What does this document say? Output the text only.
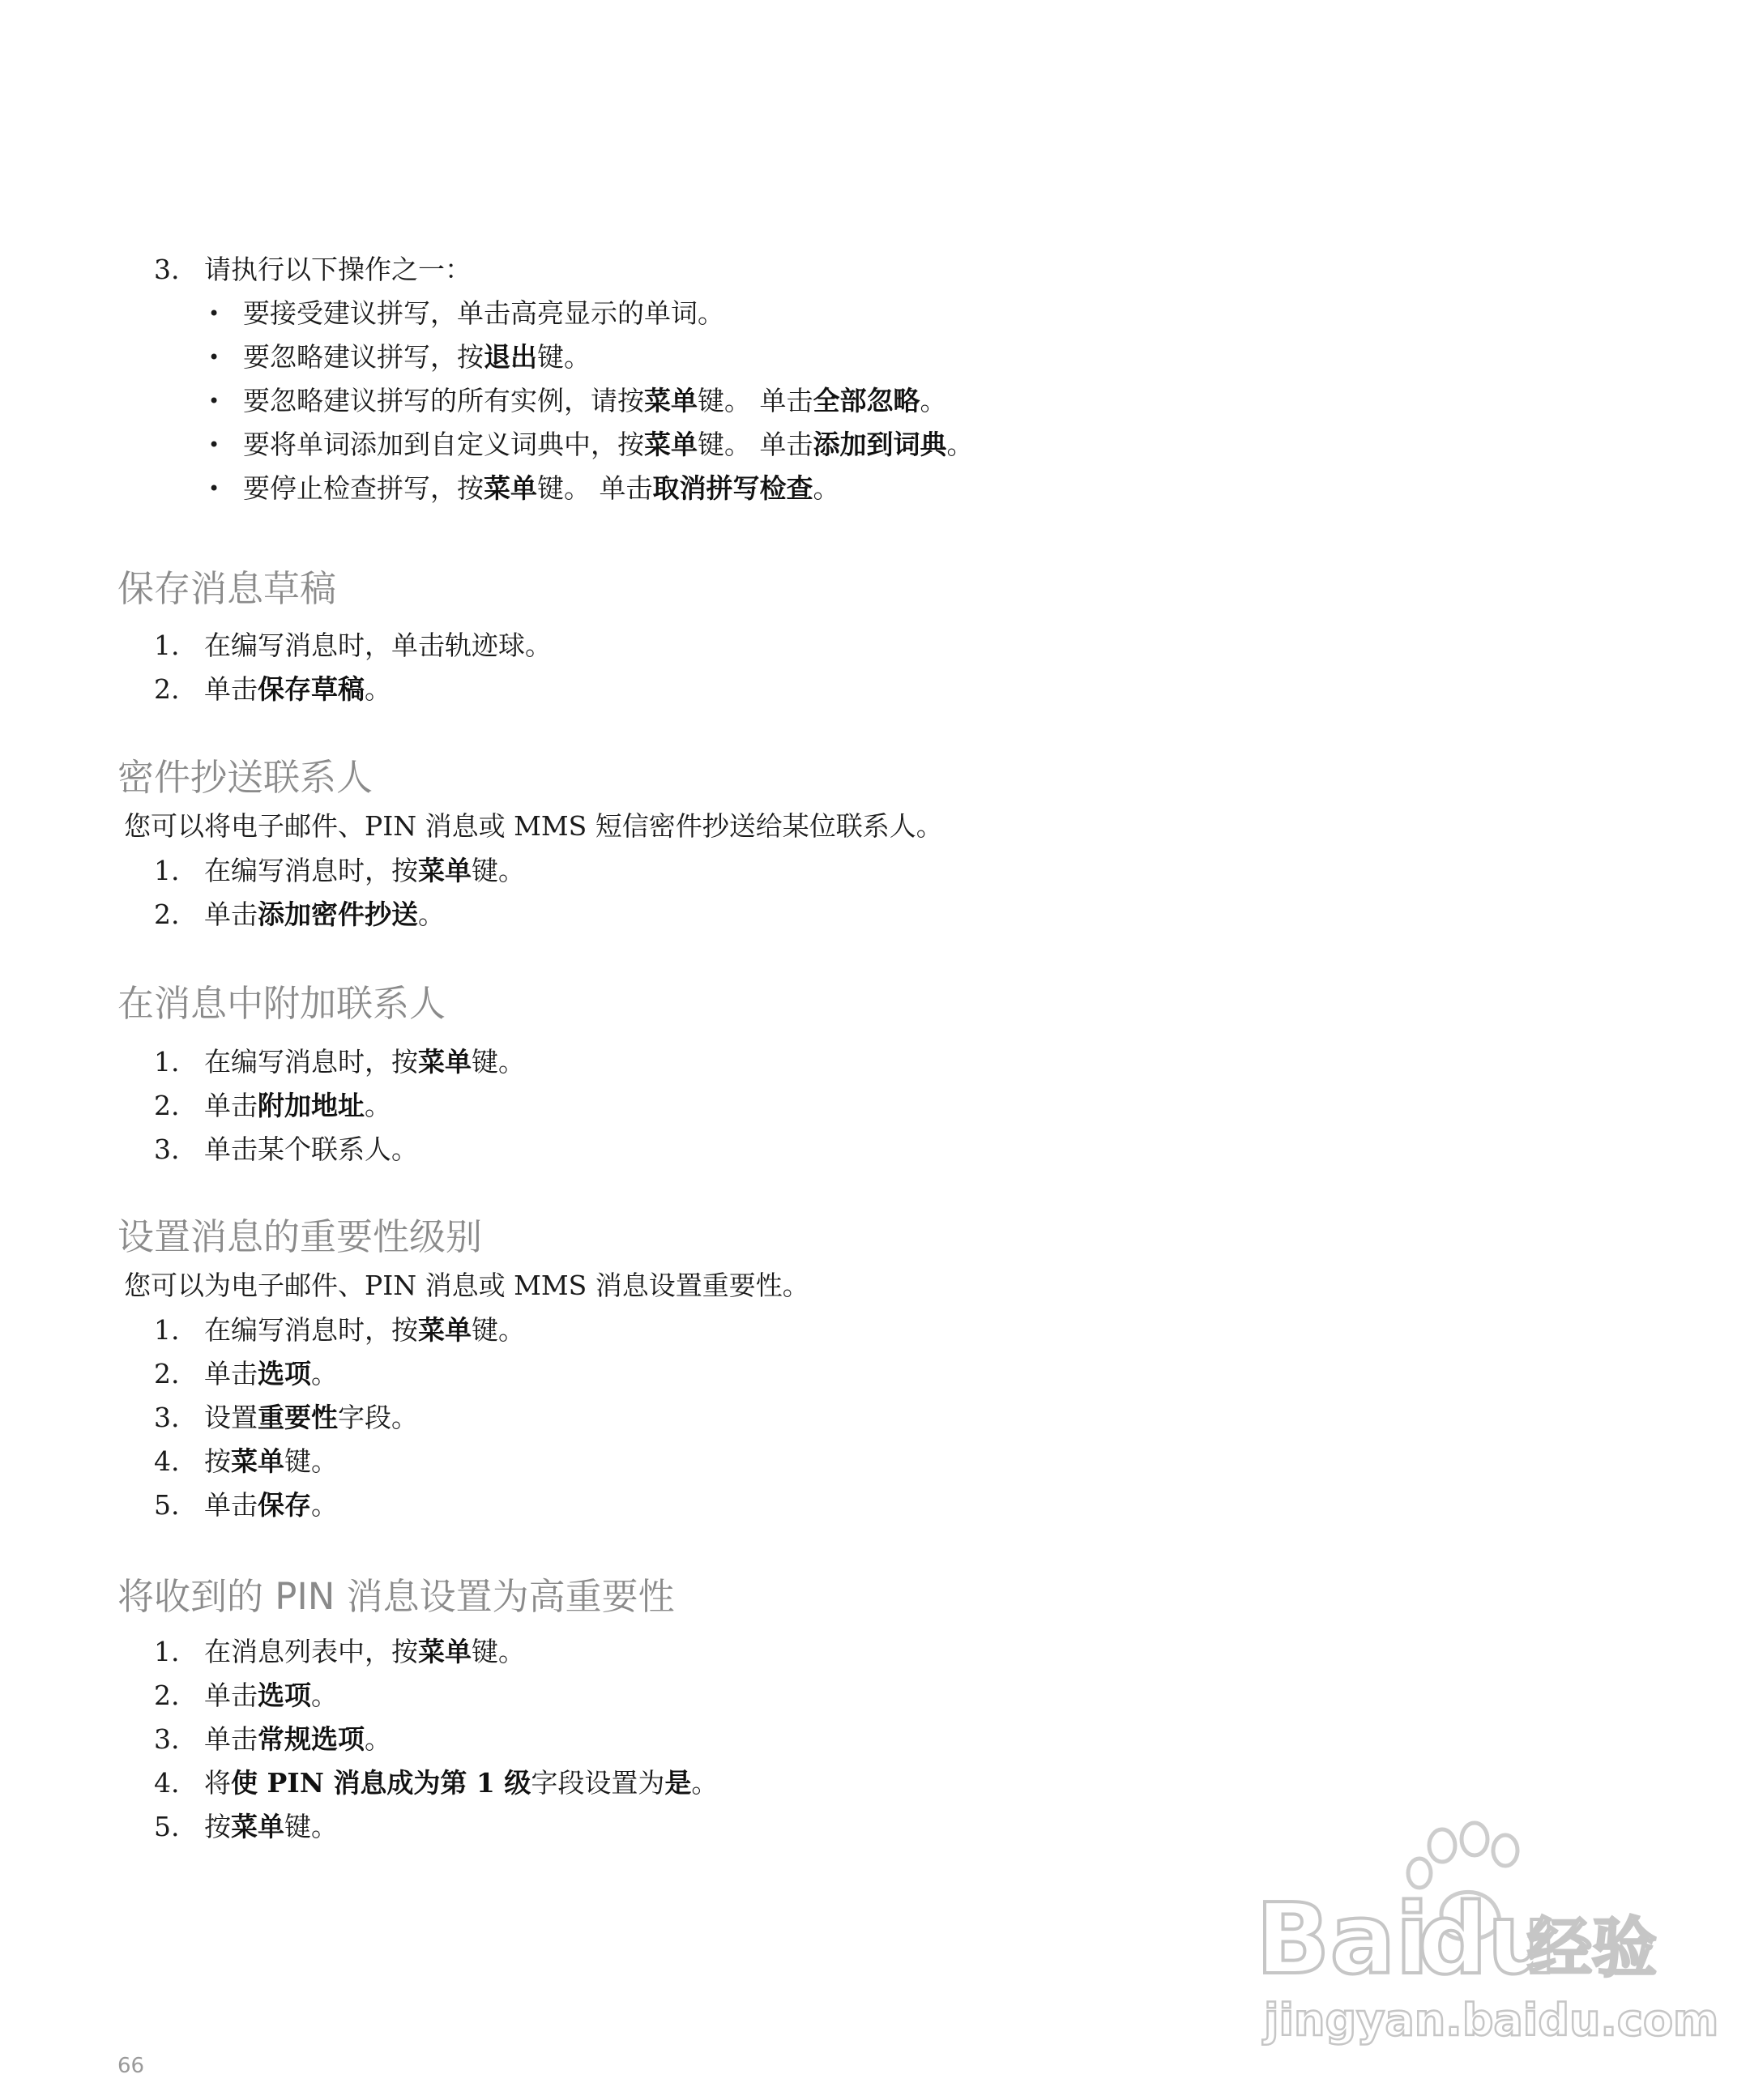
3. 请执行以下操作之一：
• 要接受建议拼写，单击高亮显示的单词。
• 要忽略建议拼写，按退出键。
• 要忽略建议拼写的所有实例，请按菜单键。 单击全部忽略。
• 要将单词添加到自定义词典中，按菜单键。 单击添加到词典。
• 要停止检查拼写，按菜单键。 单击取消拼写检查。
保存消息草稿
1. 在编写消息时，单击轨迹球。
2. 单击保存草稿。
密件抄送联系人
您可以将电子邮件、PIN 消息或 MMS 短信密件抄送给某位联系人。
1. 在编写消息时，按菜单键。
2. 单击添加密件抄送。
在消息中附加联系人
1. 在编写消息时，按菜单键。
2. 单击附加地址。
3. 单击某个联系人。
设置消息的重要性级别
您可以为电子邮件、PIN 消息或 MMS 消息设置重要性。
1. 在编写消息时，按菜单键。
2. 单击选项。
3. 设置重要性字段。
4. 按菜单键。
5. 单击保存。
将收到的 PIN 消息设置为高重要性
1. 在消息列表中，按菜单键。
2. 单击选项。
3. 单击常规选项。
4. 将使 PIN 消息成为第 1 级字段设置为是。
5. 按菜单键。
Bai
du
经验
jingyan.baidu.com
66
